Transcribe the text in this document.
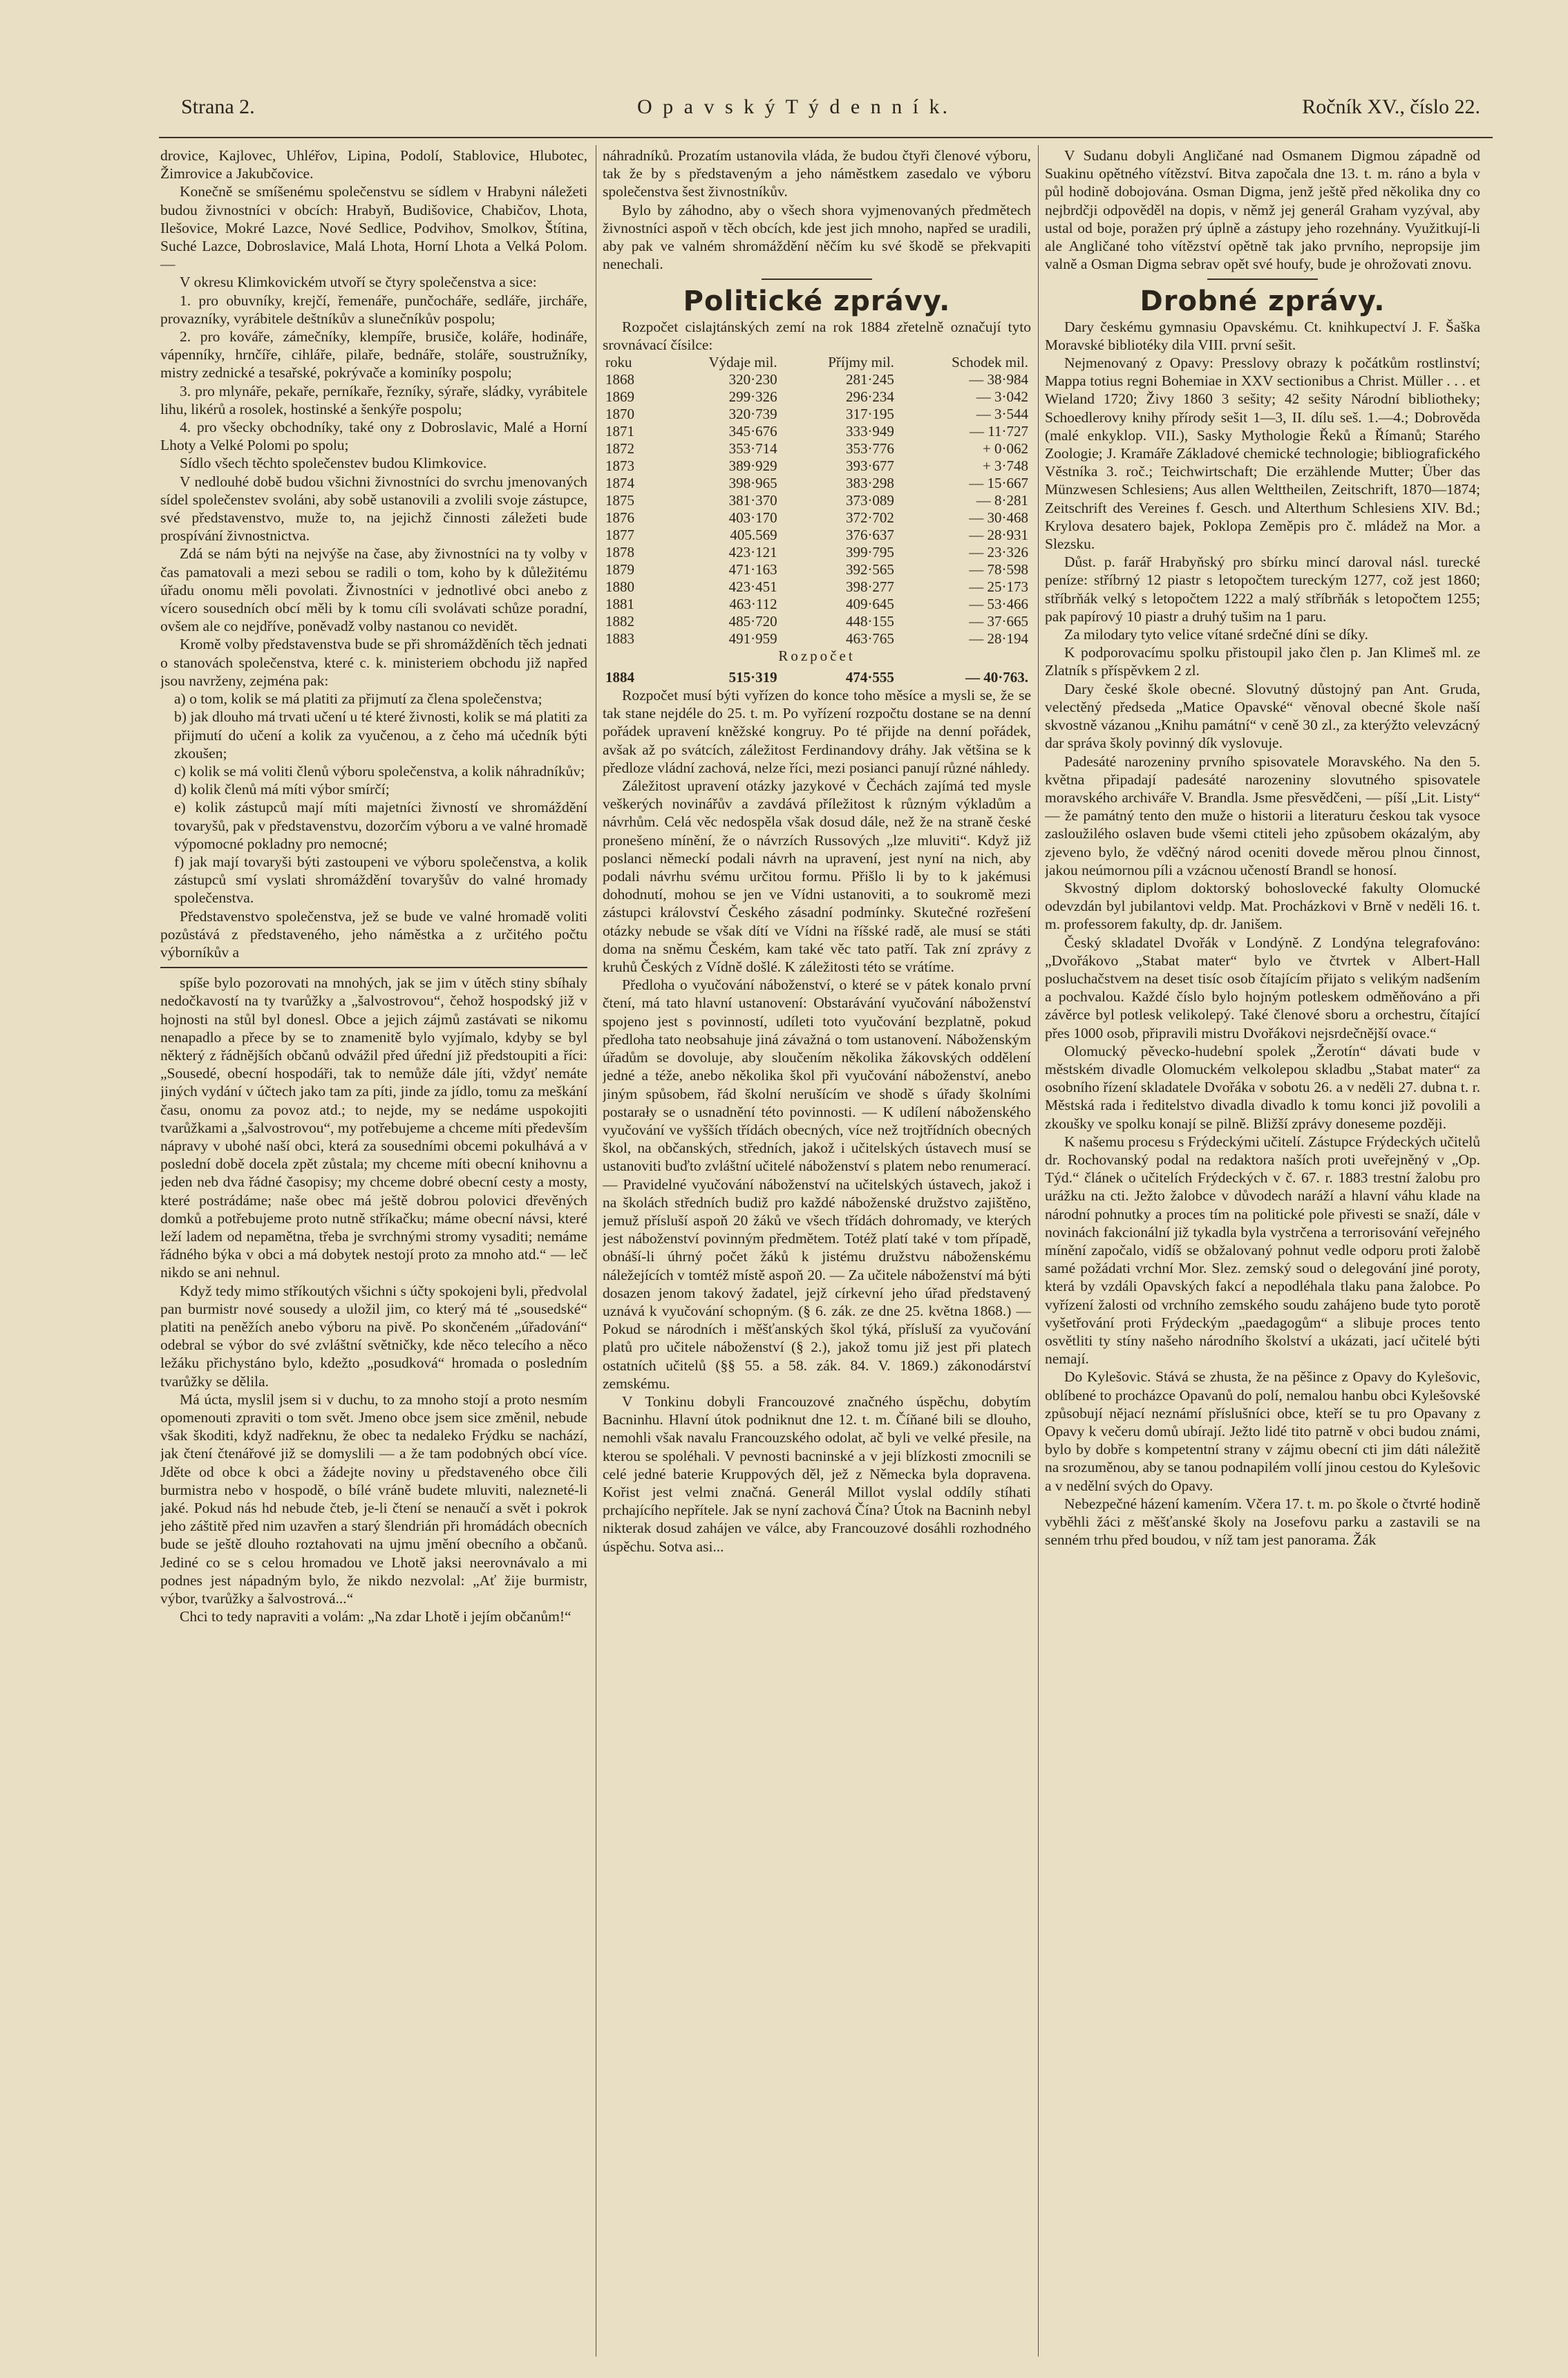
Strana 2.	O p a v s k ý T ý d e n n í k.	Ročník XV., číslo 22.

drovice, Kajlovec, Uhléřov, Lipina, Podolí, Stablovice, Hlubotec, Žimrovice a Jakubčovice.

Konečně se smíšenému společenstvu se sídlem v Hrabyni náležeti budou živnostníci v obcích: Hrabyň, Budišovice, Chabičov, Lhota, Ilešovice, Mokré Lazce, Nové Sedlice, Podvihov, Smolkov, Štítina, Suché Lazce, Dobroslavice, Malá Lhota, Horní Lhota a Velká Polom. —

V okresu Klimkovickém utvoří se čtyry společenstva a sice:

1. pro obuvníky, krejčí, řemenáře, punčocháře, sedláře, jircháře, provazníky, vyrábitele deštníkův a slunečníkův pospolu;

2. pro kováře, zámečníky, klempíře, brusiče, koláře, hodináře, vápenníky, hrnčíře, cihláře, pilaře, bednáře, stoláře, soustružníky, mistry zednické a tesařské, pokrývače a kominíky pospolu;

3. pro mlynáře, pekaře, perníkaře, řezníky, sýraře, sládky, vyrábitele lihu, likérů a rosolek, hostinské a šenkýře pospolu;

4. pro všecky obchodníky, také ony z Dobroslavic, Malé a Horní Lhoty a Velké Polomi po spolu;

Sídlo všech těchto společenstev budou Klimkovice.

V nedlouhé době budou všichni živnostníci do svrchu jmenovaných sídel společenstev svoláni, aby sobě ustanovili a zvolili svoje zástupce, své představenstvo, muže to, na jejichž činnosti záležeti bude prospívání živnostnictva.

Zdá se nám býti na nejvýše na čase, aby živnostníci na ty volby v čas pamatovali a mezi sebou se radili o tom, koho by k důležitému úřadu onomu měli povolati. Živnostníci v jednotlivé obci anebo z vícero sousedních obcí měli by k tomu cíli svolávati schůze poradní, ovšem ale co nejdříve, poněvadž volby nastanou co nevidět.

Kromě volby představenstva bude se při shromážděních těch jednati o stanovách společenstva, které c. k. ministeriem obchodu již napřed jsou navrženy, zejména pak:

a) o tom, kolik se má platiti za přijmutí za člena společenstva;

b) jak dlouho má trvati učení u té které živnosti, kolik se má platiti za přijmutí do učení a kolik za vyučenou, a z čeho má učedník býti zkoušen;

c) kolik se má voliti členů výboru společenstva, a kolik náhradníkův;

d) kolik členů má míti výbor smírčí;

e) kolik zástupců mají míti majetníci živností ve shromáždění tovaryšů, pak v představenstvu, dozorčím výboru a ve valné hromadě výpomocné pokladny pro nemocné;

f) jak mají tovaryši býti zastoupeni ve výboru společenstva, a kolik zástupců smí vyslati shromáždění tovaryšův do valné hromady společenstva.

Představenstvo společenstva, jež se bude ve valné hromadě voliti pozůstává z představeného, jeho náměstka a z určitého počtu výborníkův a

spíše bylo pozorovati na mnohých, jak se jim v útěch stiny sbíhaly nedočkavostí na ty tvarůžky a „šalvostrovou“, čehož hospodský již v hojnosti na stůl byl donesl. Obce a jejich zájmů zastávati se nikomu nenapadlo a přece by se to znamenitě bylo vyjímalo, kdyby se byl některý z řádnějších občanů odvážil před úřední již předstoupiti a říci: „Sousedé, obecní hospodáři, tak to nemůže dále jíti, vždyť nemáte jiných vydání v účtech jako tam za píti, jinde za jídlo, tomu za meškání času, onomu za povoz atd.; to nejde, my se nedáme uspokojiti tvarůžkami a „šalvostrovou“, my potřebujeme a chceme míti především nápravy v ubohé naší obci, která za sousedními obcemi pokulhává a v poslední době docela zpět zůstala; my chceme míti obecní knihovnu a jeden neb dva řádné časopisy; my chceme dobré obecní cesty a mosty, které postrádáme; naše obec má ještě dobrou polovici dřevěných domků a potřebujeme proto nutně stříkačku; máme obecní návsi, které leží ladem od nepamětna, třeba je svrchnými stromy vysaditi; nemáme řádného býka v obci a má dobytek nestojí proto za mnoho atd.“ — leč nikdo se ani nehnul.

Když tedy mimo stříkoutých všichni s účty spokojeni byli, předvolal pan burmistr nové sousedy a uložil jim, co který má té „sousedské“ platiti na peněžích anebo výboru na pivě. Po skončeném „úřadování“ odebral se výbor do své zvláštní světničky, kde něco telecího a něco ležáku přichystáno bylo, kdežto „posudková“ hromada o posledním tvarůžky se dělila.

Má úcta, myslil jsem si v duchu, to za mnoho stojí a proto nesmím opomenouti zpraviti o tom svět. Jmeno obce jsem sice změnil, nebude však škoditi, když nadřeknu, že obec ta nedaleko Frýdku se nachází, jak čtení čtenářové již se domyslili — a že tam podobných obcí více. Jděte od obce k obci a žádejte noviny u představeného obce čili burmistra nebo v hospodě, o bílé vráně budete mluviti, nalezneté-li jaké. Pokud nás hd nebude čteb, je-li čtení se nenaučí a svět i pokrok jeho záštitě před nim uzavřen a starý šlendrián při hromádách obecních bude se ještě dlouho roztahovati na ujmu jmění obecního a občanů. Jediné co se s celou hromadou ve Lhotě jaksi neerovnávalo a mi podnes jest nápadným bylo, že nikdo nezvolal: „Ať žije burmistr, výbor, tvarůžky a šalvostrová...“

Chci to tedy napraviti a volám: „Na zdar Lhotě i jejím občanům!“

náhradníků. Prozatím ustanovila vláda, že budou čtyři členové výboru, tak že by s představeným a jeho náměstkem zasedalo ve výboru společenstva šest živnostníkův.

Bylo by záhodno, aby o všech shora vyjmenovaných předmětech živnostníci aspoň v těch obcích, kde jest jich mnoho, napřed se uradili, aby pak ve valném shromáždění něčím ku své škodě se překvapiti nenechali.

Politické zprávy.

Rozpočet cislajtánských zemí na rok 1884 zřetelně označují tyto srovnávací čísilce:

roku	Výdaje mil.	Příjmy mil.	Schodek mil.
1868	320·230	281·245	— 38·984
1869	299·326	296·234	— 3·042
1870	320·739	317·195	— 3·544
1871	345·676	333·949	— 11·727
1872	353·714	353·776	+ 0·062
1873	389·929	393·677	+ 3·748
1874	398·965	383·298	— 15·667
1875	381·370	373·089	— 8·281
1876	403·170	372·702	— 30·468
1877	405.569	376·637	— 28·931
1878	423·121	399·795	— 23·326
1879	471·163	392·565	— 78·598
1880	423·451	398·277	— 25·173
1881	463·112	409·645	— 53·466
1882	485·720	448·155	— 37·665
1883	491·959	463·765	— 28·194
Rozpočet			
1884	515·319	474·555	— 40·763.

Rozpočet musí býti vyřízen do konce toho měsíce a mysli se, že se tak stane nejdéle do 25. t. m. Po vyřízení rozpočtu dostane se na denní pořádek upravení kněžské kongruy. Po té přijde na denní pořádek, avšak až po svátcích, záležitost Ferdinandovy dráhy. Jak většina se k předloze vládní zachová, nelze říci, mezi posianci panují různé náhledy.

Záležitost upravení otázky jazykové v Čechách zajímá ted mysle veškerých novinářův a zavdává příležitost k různým výkladům a návrhům. Celá věc nedospěla však dosud dále, než že na straně české pronešeno mínění, že o návrzích Russových „lze mluviti“. Když již poslanci německí podali návrh na upravení, jest nyní na nich, aby podali návrhu svému určitou formu. Přišlo li by to k jakémusi dohodnutí, mohou se jen ve Vídni ustanoviti, a to soukromě mezi zástupci království Českého zásadní podmínky. Skutečné rozřešení otázky nebude se však dítí ve Vídni na říšské radě, ale musí se státi doma na sněmu Českém, kam také věc tato patří. Tak zní zprávy z kruhů Českých z Vídně došlé. K záležitosti této se vrátíme.

Předloha o vyučování náboženství, o které se v pátek konalo první čtení, má tato hlavní ustanovení: Obstarávání vyučování náboženství spojeno jest s povinností, udíleti toto vyučování bezplatně, pokud předloha tato neobsahuje jiná závažná o tom ustanovení. Náboženským úřadům se dovoluje, aby sloučením několika žákovských oddělení jedné a téže, anebo několika škol při vyučování náboženství, anebo jiným spůsobem, řád školní nerušícím ve shodě s úřady školními postarały se o usnadnění této povinnosti. — K udílení náboženského vyučování ve vyšších třídách obecných, více než trojtřídních obecných škol, na občanských, středních, jakož i učitelských ústavech musí se ustanoviti buďto zvláštní učitelé náboženství s platem nebo renumerací. — Pravidelné vyučování náboženství na učitelských ústavech, jakož i na školách středních budiž pro každé náboženské družstvo zajištěno, jemuž přísluší aspoň 20 žáků ve všech třídách dohromady, ve kterých jest náboženství povinným předmětem. Totéž platí také v tom případě, obnáší-li úhrný počet žáků k jistému družstvu náboženskému náležejících v tomtéž místě aspoň 20. — Za učitele náboženství má býti dosazen jenom takový žadatel, jejž církevní jeho úřad představený uznává k vyučování schopným. (§ 6. zák. ze dne 25. května 1868.) — Pokud se národních i měšťanských škol týká, přísluší za vyučování platů pro učitele náboženství (§ 2.), jakož tomu již jest při platech ostatních učitelů (§§ 55. a 58. zák. 84. V. 1869.) zákonodárství zemskému.

V Tonkinu dobyli Francouzové značného úspěchu, dobytím Bacninhu. Hlavní útok podniknut dne 12. t. m. Číňané bili se dlouho, nemohli však navalu Francouzského odolat, ač byli ve velké přesile, na kterou se spoléhali. V pevnosti bacninské a v jeji blízkosti zmocnili se celé jedné baterie Kruppových děl, jež z Německa byla dopravena. Kořist jest velmi značná. Generál Millot vyslal oddíly stíhati prchajícího nepřítele. Jak se nyní zachová Čína? Útok na Bacninh nebyl nikterak dosud zahájen ve válce, aby Francouzové dosáhli rozhodného úspěchu. Sotva asi...

V Sudanu dobyli Angličané nad Osmanem Digmou západně od Suakinu opětného vítězství. Bitva započala dne 13. t. m. ráno a byla v půl hodině dobojována. Osman Digma, jenž ještě před několika dny co nejbrdčji odpověděl na dopis, v němž jej generál Graham vyzýval, aby ustal od boje, poražen prý úplně a zástupy jeho rozehnány. Využitkují-li ale Angličané toho vítězství opětně tak jako prvního, nepropsije jim valně a Osman Digma sebrav opět své houfy, bude je ohrožovati znovu.

Drobné zprávy.

Dary českému gymnasiu Opavskému. Ct. knihkupectví J. F. Šaška Moravské bibliotéky dila VIII. první sešit.

Nejmenovaný z Opavy: Presslovy obrazy k počátkům rostlinství; Mappa totius regni Bohemiae in XXV sectionibus a Christ. Müller . . . et Wieland 1720; Živy 1860 3 sešity; 42 sešity Národní bibliotheky; Schoedlerovy knihy přírody sešit 1—3, II. dílu seš. 1.—4.; Dobrověda (malé enkyklop. VII.), Sasky Mythologie Řeků a Římanů; Starého Zoologie; J. Kramáře Základové chemické technologie; bibliografického Věstníka 3. roč.; Teichwirtschaft; Die erzählende Mutter; Über das Münzwesen Schlesiens; Aus allen Welttheilen, Zeitschrift, 1870—1874; Zeitschrift des Vereines f. Gesch. und Alterthum Schlesiens XIV. Bd.; Krylova desatero bajek, Poklopa Zeměpis pro č. mládež na Mor. a Slezsku.

Důst. p. farář Hrabyňský pro sbírku mincí daroval násl. turecké peníze: stříbrný 12 piastr s letopočtem tureckým 1277, což jest 1860; stříbrňák velký s letopočtem 1222 a malý stříbrňák s letopočtem 1255; pak papírový 10 piastr a druhý tušim na 1 paru.

Za milodary tyto velice vítané srdečné díni se díky.

K podporovacímu spolku přistoupil jako člen p. Jan Klimeš ml. ze Zlatník s příspěvkem 2 zl.

Dary české škole obecné. Slovutný důstojný pan Ant. Gruda, velectěný předseda „Matice Opavské“ věnoval obecné škole naší skvostně vázanou „Knihu památní“ v ceně 30 zl., za kterýžto velevzácný dar správa školy povinný dík vyslovuje.

Padesáté narozeniny prvního spisovatele Moravského. Na den 5. května připadají padesáté narozeniny slovutného spisovatele moravského archiváře V. Brandla. Jsme přesvědčeni, — píší „Lit. Listy“ — že památný tento den muže o historii a literaturu českou tak vysoce zasloužilého oslaven bude všemi ctiteli jeho způsobem okázalým, aby zjeveno bylo, že vděčný národ oceniti dovede měrou plnou činnost, jakou neúmornou píli a vzácnou učeností Brandl se honosí.

Skvostný diplom doktorský bohoslovecké fakulty Olomucké odevzdán byl jubilantovi veldp. Mat. Procházkovi v Brně v neděli 16. t. m. professorem fakulty, dp. dr. Janišem.

Český skladatel Dvořák v Londýně. Z Londýna telegrafováno: „Dvořákovo „Stabat mater“ bylo ve čtvrtek v Albert-Hall posluchačstvem na deset tisíc osob čítajícím přijato s velikým nadšením a pochvalou. Každé číslo bylo hojným potleskem odměňováno a při závěrce byl potlesk velikolepý. Také členové sboru a orchestru, čítající přes 1000 osob, připravili mistru Dvořákovi nejsrdečnější ovace.“

Olomucký pěvecko-hudební spolek „Žerotín“ dávati bude v městském divadle Olomuckém velkolepou skladbu „Stabat mater“ za osobního řízení skladatele Dvořáka v sobotu 26. a v neděli 27. dubna t. r. Městská rada i ředitelstvo divadla divadlo k tomu konci již povolili a zkoušky ve spolku konají se pilně. Bližší zprávy doneseme později.

K našemu procesu s Frýdeckými učitelí. Zástupce Frýdeckých učitelů dr. Rochovanský podal na redaktora naších proti uveřejněný v „Op. Týd.“ článek o učitelích Frýdeckých v č. 67. r. 1883 trestní žalobu pro urážku na cti. Ježto žalobce v důvodech naráží a hlavní váhu klade na národní pohnutky a proces tím na politické pole přivesti se snaží, dále v novinách fakcionální již tykadla byla vystrčena a terrorisování veřejného mínění započalo, vidíš se obžalovaný pohnut vedle odporu proti žalobě samé požádati vrchní Mor. Slez. zemský soud o delegování jiné poroty, která by vzdáli Opavských fakcí a nepodléhala tlaku pana žalobce. Po vyřízení žalosti od vrchního zemského soudu zahájeno bude tyto porotě vyšetřování proti Frýdeckým „paedagogům“ a slibuje proces tento osvětliti ty stíny našeho národního školství a ukázati, jací učitelé býti nemají.

Do Kylešovic. Stává se zhusta, že na pěšince z Opavy do Kylešovic, oblíbené to procházce Opavanů do polí, nemalou hanbu obci Kylešovské způsobují nějací neznámí příslušníci obce, kteří se tu pro Opavany z Opavy k večeru domů ubírají. Ježto lidé tito patrně v obci budou známi, bylo by dobře s kompetentní strany v zájmu obecní cti jim dáti náležitě na srozuměnou, aby se tanou podnapilém vollí jinou cestou do Kylešovic a v nedělní svých do Opavy.

Nebezpečné házení kamením. Včera 17. t. m. po škole o čtvrté hodině vyběhli žáci z měšťanské školy na Josefovu parku a zastavili se na senném trhu před boudou, v níž tam jest panorama. Žák
